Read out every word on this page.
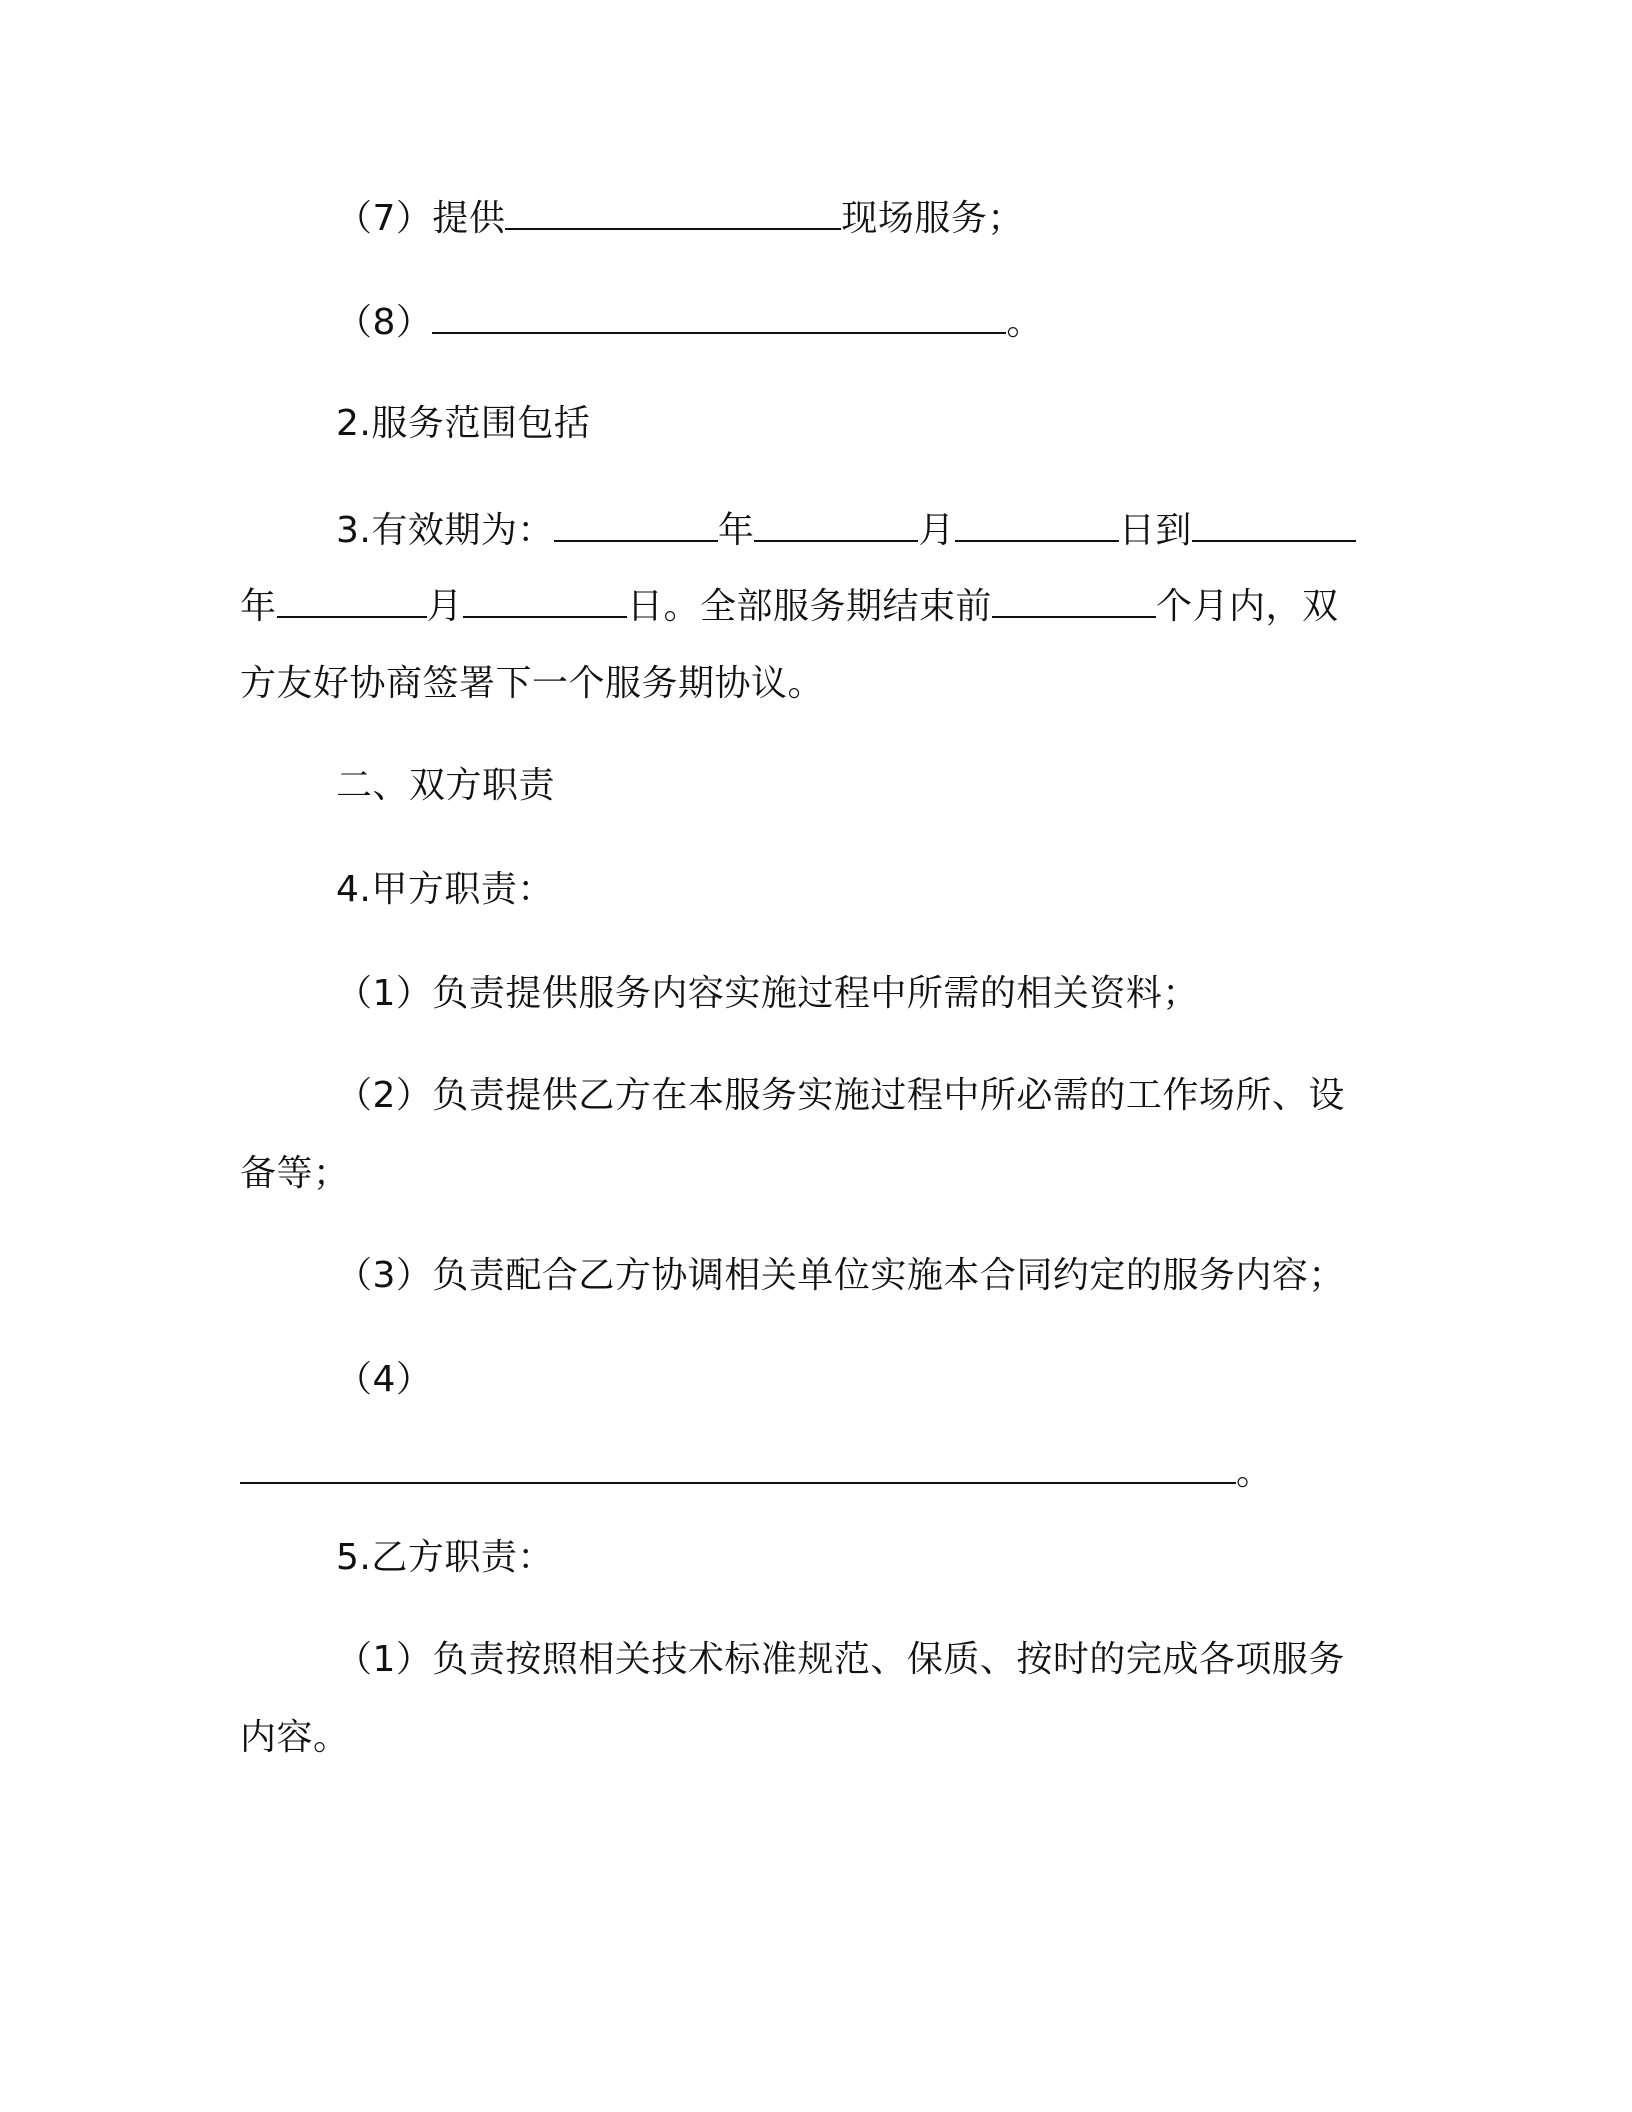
（7）提供	现场服务；
（8）	。
2.服务范围包括
3.有效期为：	年	月	日到
年	月	日。全部服务期结束前	个月内，双
方友好协商签署下一个服务期协议。
二、双方职责
4.甲方职责：
（1）负责提供服务内容实施过程中所需的相关资料；
（2）负责提供乙方在本服务实施过程中所必需的工作场所、设
备等；
（3）负责配合乙方协调相关单位实施本合同约定的服务内容；
（4）
。
5.乙方职责：
（1）负责按照相关技术标准规范、保质、按时的完成各项服务
内容。
